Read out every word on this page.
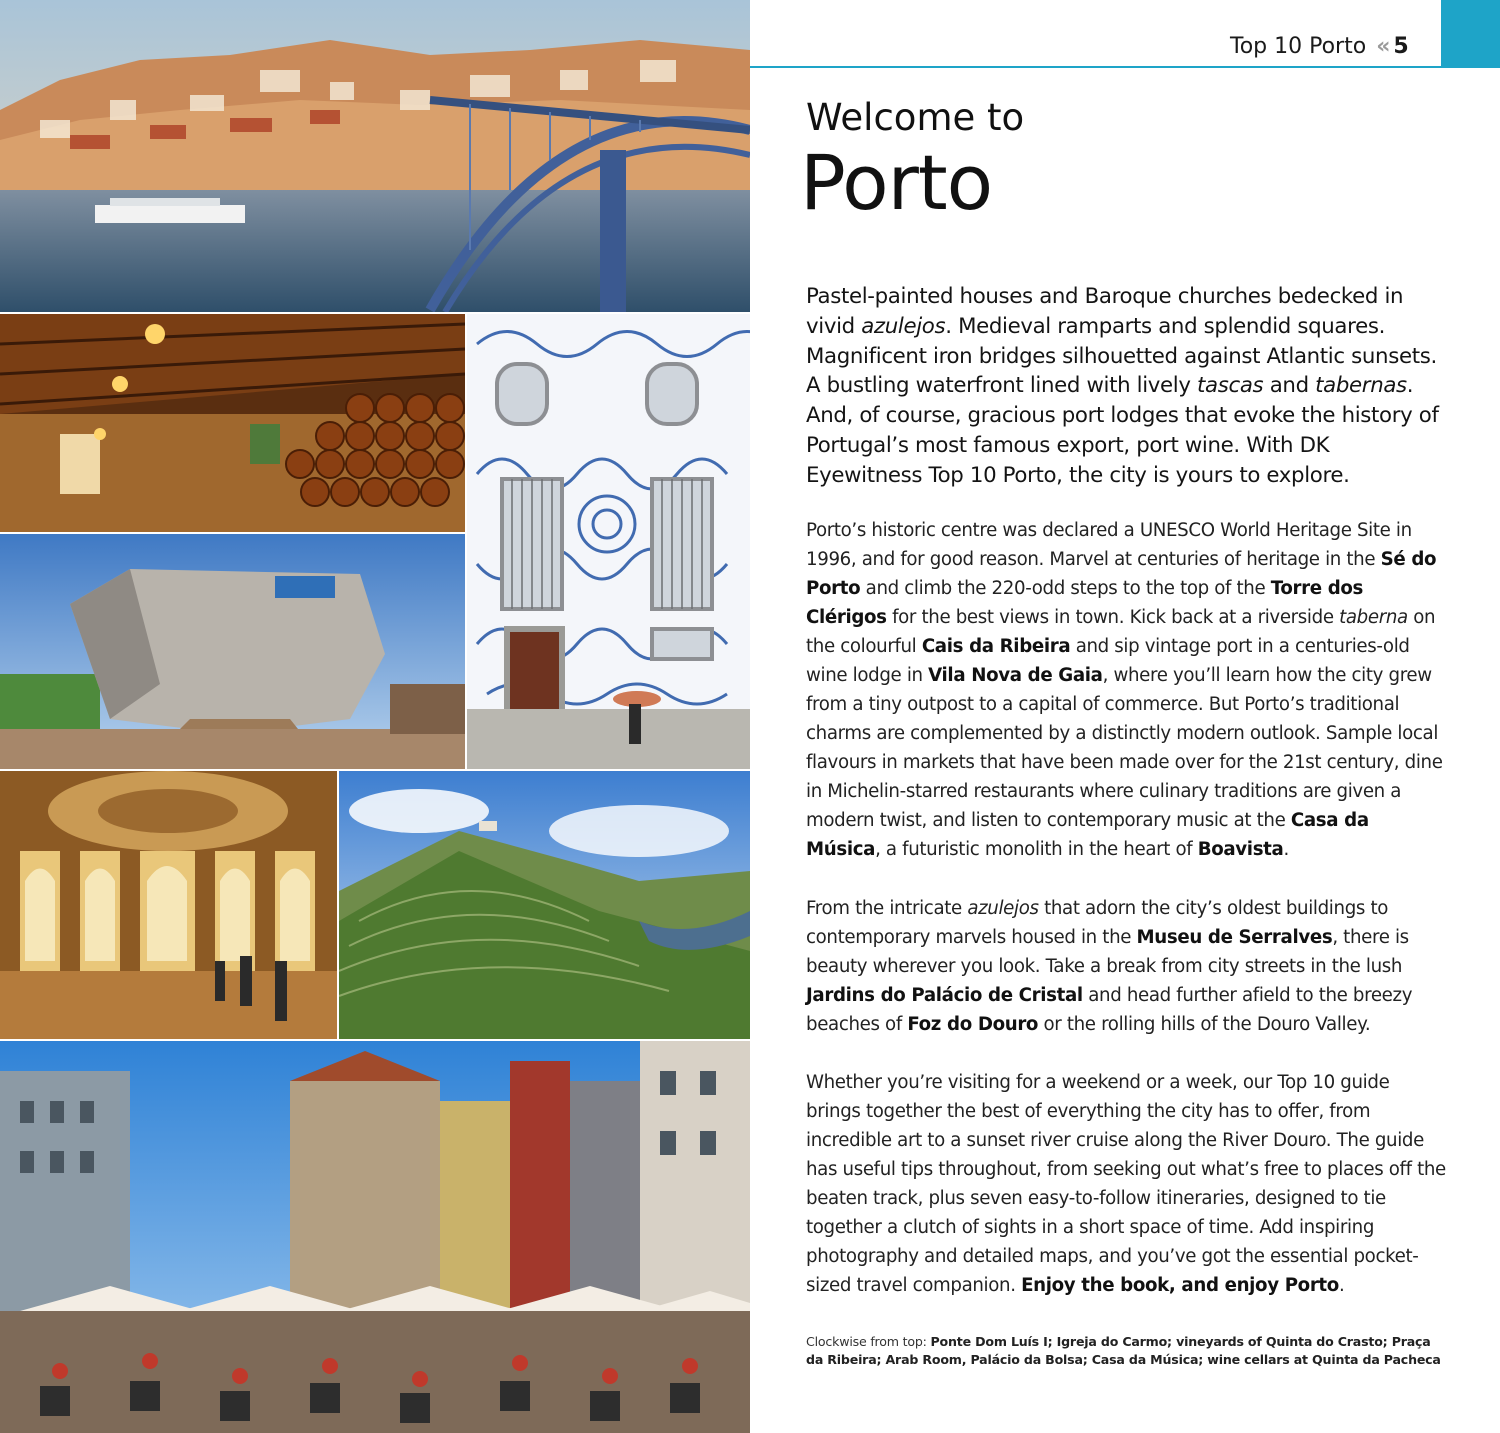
Top 10 Porto « 5
Welcome to
Porto
Pastel-painted houses and Baroque churches bedecked in vivid azulejos. Medieval ramparts and splendid squares. Magnificent iron bridges silhouetted against Atlantic sunsets. A bustling waterfront lined with lively tascas and tabernas. And, of course, gracious port lodges that evoke the history of Portugal’s most famous export, port wine. With DK Eyewitness Top 10 Porto, the city is yours to explore.
Porto’s historic centre was declared a UNESCO World Heritage Site in 1996, and for good reason. Marvel at centuries of heritage in the Sé do Porto and climb the 220-odd steps to the top of the Torre dos Clérigos for the best views in town. Kick back at a riverside taberna on the colourful Cais da Ribeira and sip vintage port in a centuries-old wine lodge in Vila Nova de Gaia, where you’ll learn how the city grew from a tiny outpost to a capital of commerce. But Porto’s traditional charms are complemented by a distinctly modern outlook. Sample local flavours in markets that have been made over for the 21st century, dine in Michelin-starred restaurants where culinary traditions are given a modern twist, and listen to contemporary music at the Casa da Música, a futuristic monolith in the heart of Boavista.
From the intricate azulejos that adorn the city’s oldest buildings to contemporary marvels housed in the Museu de Serralves, there is beauty wherever you look. Take a break from city streets in the lush Jardins do Palácio de Cristal and head further afield to the breezy beaches of Foz do Douro or the rolling hills of the Douro Valley.
Whether you’re visiting for a weekend or a week, our Top 10 guide brings together the best of everything the city has to offer, from incredible art to a sunset river cruise along the River Douro. The guide has useful tips throughout, from seeking out what’s free to places off the beaten track, plus seven easy-to-follow itineraries, designed to tie together a clutch of sights in a short space of time. Add inspiring photography and detailed maps, and you’ve got the essential pocket-sized travel companion. Enjoy the book, and enjoy Porto.
Clockwise from top: Ponte Dom Luís I; Igreja do Carmo; vineyards of Quinta do Crasto; Praça da Ribeira; Arab Room, Palácio da Bolsa; Casa da Música; wine cellars at Quinta da Pacheca
